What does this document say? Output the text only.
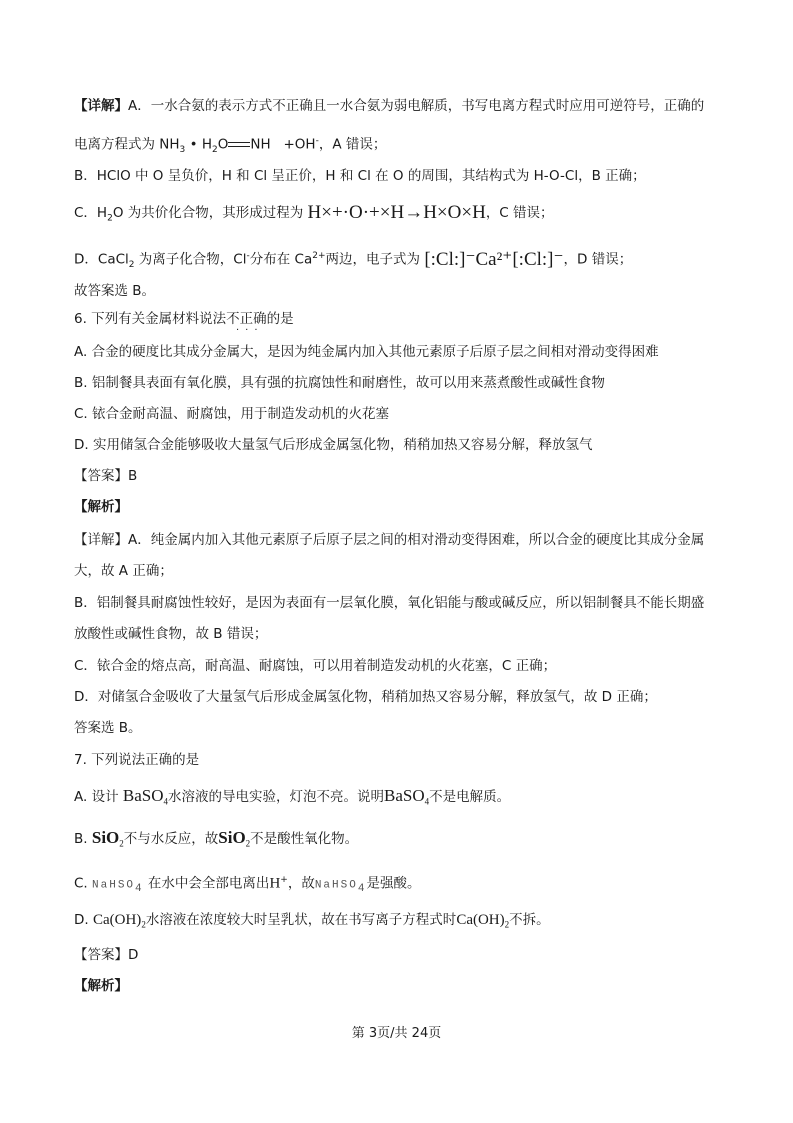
【详解】A．一水合氨的表示方式不正确且一水合氨为弱电解质，书写电离方程式时应用可逆符号，正确的
电离方程式为 $NH_3$ • $H_2O$ NH +OH-，A 错误；
B．HClO 中 O 呈负价，H 和 Cl 呈正价，H 和 Cl 在 O 的周围，其结构式为 H-O-Cl，B 正确；
C．$H_2O$ 为共价化合物，其形成过程为 H×+·O·+×H→H×O×H，C 错误；
D．CaCl$_2$ 为离子化合物，Cl-分布在 $Ca^{2+}$两边，电子式为 [:Cl:]⁻Ca²⁺[:Cl:]⁻，D 错误；
故答案选 B。
6. 下列有关金属材料说法不正确的是
···
A. 合金的硬度比其成分金属大，是因为纯金属内加入其他元素原子后原子层之间相对滑动变得困难
B. 铝制餐具表面有氧化膜，具有强的抗腐蚀性和耐磨性，故可以用来蒸煮酸性或碱性食物
C. 铱合金耐高温、耐腐蚀，用于制造发动机的火花塞
D. 实用储氢合金能够吸收大量氢气后形成金属氢化物，稍稍加热又容易分解，释放氢气
【答案】B
【解析】
【详解】A．纯金属内加入其他元素原子后原子层之间的相对滑动变得困难，所以合金的硬度比其成分金属
大，故 A 正确；
B．铝制餐具耐腐蚀性较好，是因为表面有一层氧化膜，氧化铝能与酸或碱反应，所以铝制餐具不能长期盛
放酸性或碱性食物，故 B 错误；
C．铱合金的熔点高，耐高温、耐腐蚀，可以用着制造发动机的火花塞，C 正确；
D．对储氢合金吸收了大量氢气后形成金属氢化物，稍稍加热又容易分解，释放氢气，故 D 正确；
答案选 B。
7. 下列说法正确的是
A. 设计 BaSO$_4$水溶液的导电实验，灯泡不亮。说明BaSO$_4$不是电解质。
B. SiO$_2$不与水反应，故SiO$_2$不是酸性氧化物。
C. NaHSO$_4$ 在水中会全部电离出H+，故NaHSO$_4$是强酸。
D. $Ca(OH)_2$水溶液在浓度较大时呈乳状，故在书写离子方程式时$Ca(OH)_2$不拆。
【答案】D
【解析】
第 3页/共 24页
